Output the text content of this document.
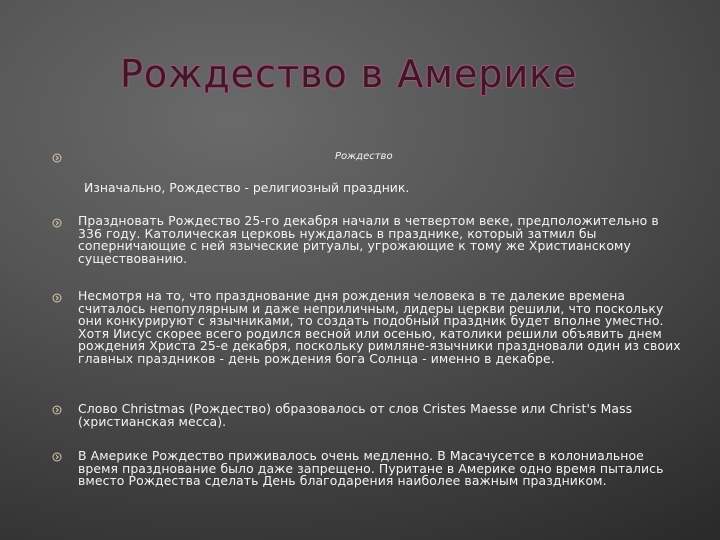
Рождество в Америке
Рождество
Изначально, Рождество - религиозный праздник.
Праздновать Рождество 25-го декабря начали в четвертом веке, предположительно в 336 году. Католическая церковь нуждалась в празднике, который затмил бы соперничающие с ней языческие ритуалы, угрожающие к тому же Христианскому существованию.
Несмотря на то, что празднование дня рождения человека в те далекие времена считалось непопулярным и даже неприличным, лидеры церкви решили, что поскольку они конкурируют с язычниками, то создать подобный праздник будет вполне уместно. Хотя Иисус скорее всего родился весной или осенью, католики решили объявить днем рождения Христа 25-е декабря, поскольку римляне-язычники праздновали один из своих главных праздников - день рождения бога Солнца - именно в декабре.
Слово Christmas (Рождество) образовалось от слов Cristes Maesse или Christ's Mass (христианская месса).
В Америке Рождество приживалось очень медленно. В Масачусетсе в колониальное время празднование было даже запрещено. Пуритане в Америке одно время пытались вместо Рождества сделать День благодарения наиболее важным праздником.
